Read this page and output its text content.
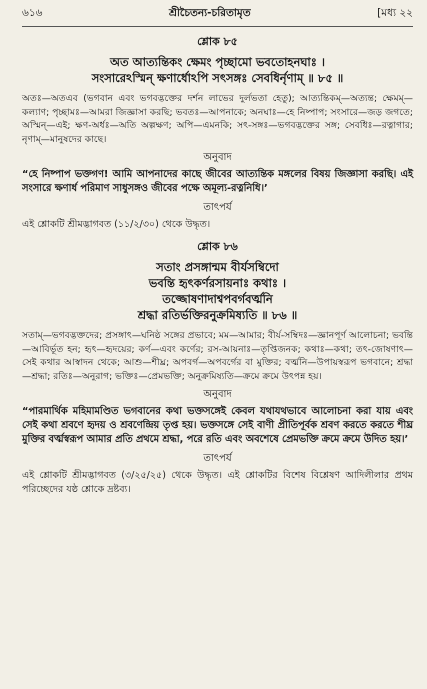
৬১৬	শ্রীচৈতন্য-চরিতামৃত	[মধ্য ২২
শ্লোক ৮৫
অত আত্যন্তিকং ক্ষেমং পৃচ্ছামো ভবতোহনঘাঃ ।
সংসারেঽস্মিন্ ক্ষণার্ধোঽপি সৎসঙ্গঃ সেবধির্নৃণাম্ ॥ ৮৫ ॥
অতঃ—অতএব (ভগবান এবং ভগবদ্ভক্তের দর্শন লাভের দুর্লভতা হেতু); আত্যন্তিকম্—অত্যন্ত; ক্ষেমম্—কল্যাণ; পৃচ্ছামঃ—আমরা জিজ্ঞাসা করছি; ভবতঃ—আপনাকে; অনঘাঃ—হে নিষ্পাপ; সংসারে—জড় জগতে; অস্মিন্—এই; ক্ষণ-অর্ধঃ—অতি অল্পক্ষণ; অপি—এমনকি; সৎ-সঙ্গঃ—ভগবদ্ভক্তের সঙ্গ; সেবধিঃ—রত্নাগার; নৃণাম্—মানুষদের কাছে।
অনুবাদ
“হে নিষ্পাপ ভক্তগণ! আমি আপনাদের কাছে জীবের আত্যন্তিক মঙ্গলের বিষয় জিজ্ঞাসা করছি। এই সংসারে ক্ষণার্ধ পরিমাণ সাধুসঙ্গও জীবের পক্ষে অমূল্য-রত্ননিধি।’
তাৎপর্য
এই শ্লোকটি শ্রীমদ্ভাগবত (১১/২/৩০) থেকে উদ্ধৃত।
শ্লোক ৮৬
সতাং প্রসঙ্গান্মম বীর্যসম্বিদো
ভবন্তি হৃৎকর্ণরসায়নাঃ কথাঃ ।
তজ্জোষণাদাশ্বপবর্গবর্ত্মনি
শ্রদ্ধা রতির্ভক্তিরনুক্রমিষ্যতি ॥ ৮৬ ॥
সতাম্—ভগবদ্ভক্তদের; প্রসঙ্গাৎ—ঘনিষ্ঠ সঙ্গের প্রভাবে; মম—আমার; বীর্য-সম্বিদঃ—জ্ঞানপূর্ণ আলোচনা; ভবন্তি—আবির্ভূত হন; হৃৎ—হৃদয়ের; কর্ণ—এবং কর্ণের; রস-আয়নাঃ—তৃপ্তিজনক; কথাঃ—কথা; তৎ-জোষণাৎ—সেই কথার আস্বাদন থেকে; আশু—শীঘ্র; অপবর্গ—অপবর্গের বা মুক্তির; বর্ত্মনি—উপায়স্বরূপ ভগবানে; শ্রদ্ধা—শ্রদ্ধা; রতিঃ—অনুরাগ; ভক্তিঃ—প্রেমভক্তি; অনুক্রমিষ্যতি—ক্রমে ক্রমে উৎপন্ন হয়।
অনুবাদ
“পারমার্থিক মহিমামণ্ডিত ভগবানের কথা ভক্তসঙ্গেই কেবল যথাযথভাবে আলোচনা করা যায় এবং সেই কথা শ্রবণে হৃদয় ও শ্রবণেন্দ্রিয় তৃপ্ত হয়। ভক্তসঙ্গে সেই বাণী প্রীতিপূর্বক শ্রবণ করতে করতে শীঘ্র মুক্তির বর্ত্মস্বরূপ আমার প্রতি প্রথমে শ্রদ্ধা, পরে রতি এবং অবশেষে প্রেমভক্তি ক্রমে ক্রমে উদিত হয়।’
তাৎপর্য
এই শ্লোকটি শ্রীমদ্ভাগবত (৩/২৫/২৫) থেকে উদ্ধৃত। এই শ্লোকটির বিশেষ বিশ্লেষণ আদিলীলার প্রথম পরিচ্ছেদের যষ্ঠ শ্লোকে দ্রষ্টব্য।
